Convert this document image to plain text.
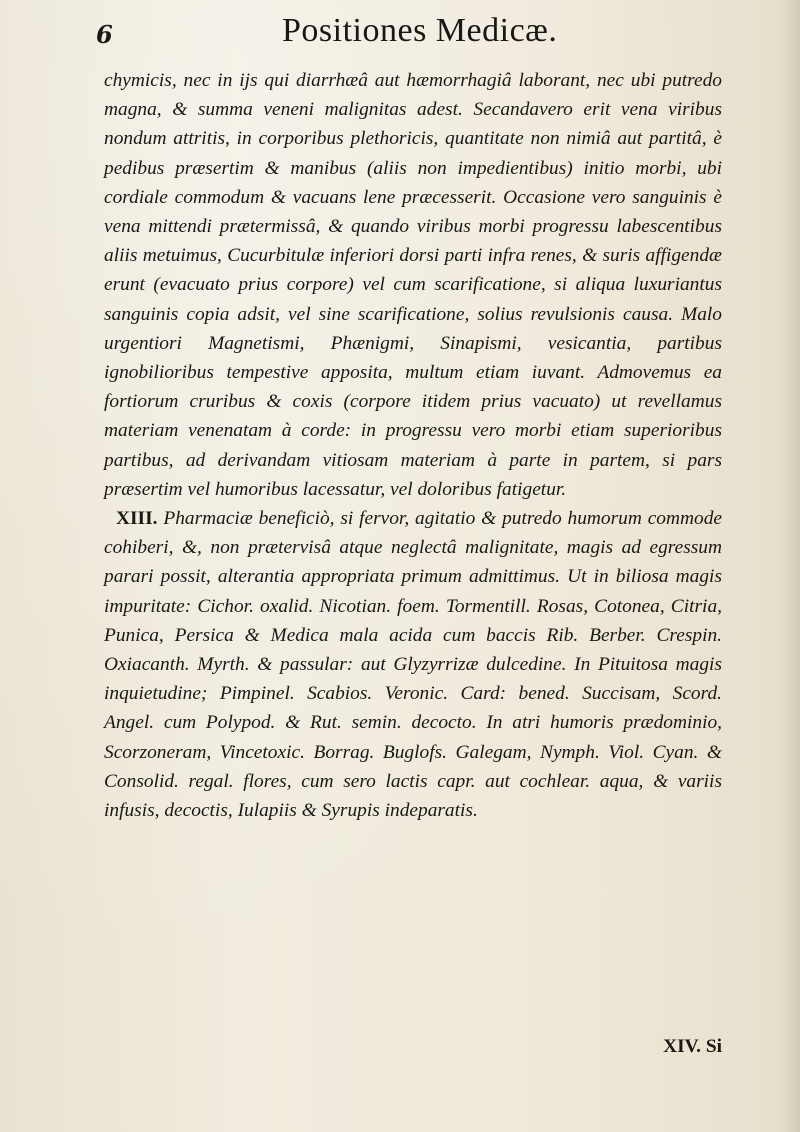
6	Positiones Medicæ.

chymicis, nec in ijs qui diarrhæâ aut hæmorrhagiâ laborant, nec ubi putredo magna, & summa veneni malignitas adest. Secandavero erit vena viribus nondum attritis, in corporibus plethoricis, quantitate non nimiâ aut partitâ, è pedibus præsertim & manibus (aliis non impedientibus) initio morbi, ubi cordiale commodum & vacuans lene præcesserit. Occasione vero sanguinis è vena mittendi prætermissâ, & quando viribus morbi progressu labescentibus aliis metuimus, Cucurbitulæ inferiori dorsi parti infra renes, & suris affigendæ erunt (evacuato prius corpore) vel cum scarificatione, si aliqua luxuriantus sanguinis copia adsit, vel sine scarificatione, solius revulsionis causa. Malo urgentiori Magnetismi, Phænigmi, Sinapismi, vesicantia, partibus ignobilioribus tempestive apposita, multum etiam iuvant. Admovemus ea fortiorum cruribus & coxis (corpore itidem prius vacuato) ut revellamus materiam venenatam à corde: in progressu vero morbi etiam superioribus partibus, ad derivandam vitiosam materiam à parte in partem, si pars præsertim vel humoribus lacessatur, vel doloribus fatigetur.

XIII. Pharmaciæ beneficiò, si fervor, agitatio & putredo humorum commode cohiberi, &, non prætervisâ atque neglectâ malignitate, magis ad egressum parari possit, alterantia appropriata primum admittimus. Ut in biliosa magis impuritate: Cichor. oxalid. Nicotian. foem. Tormentill. Rosas, Cotonea, Citria, Punica, Persica & Medica mala acida cum baccis Rib. Berber. Crespin. Oxiacanth. Myrth. & passular: aut Glyzyrrizæ dulcedine. In Pituitosa magis inquietudine; Pimpinel. Scabios. Veronic. Card: bened. Succisam, Scord. Angel. cum Polypod. & Rut. semin. decocto. In atri humoris prædominio, Scorzoneram, Vincetoxic. Borrag. Buglofs. Galegam, Nymph. Viol. Cyan. & Consolid. regal. flores, cum sero lactis capr. aut cochlear. aqua, & variis infusis, decoctis, Iulapiis & Syrupis indeparatis.

XIV. Si
